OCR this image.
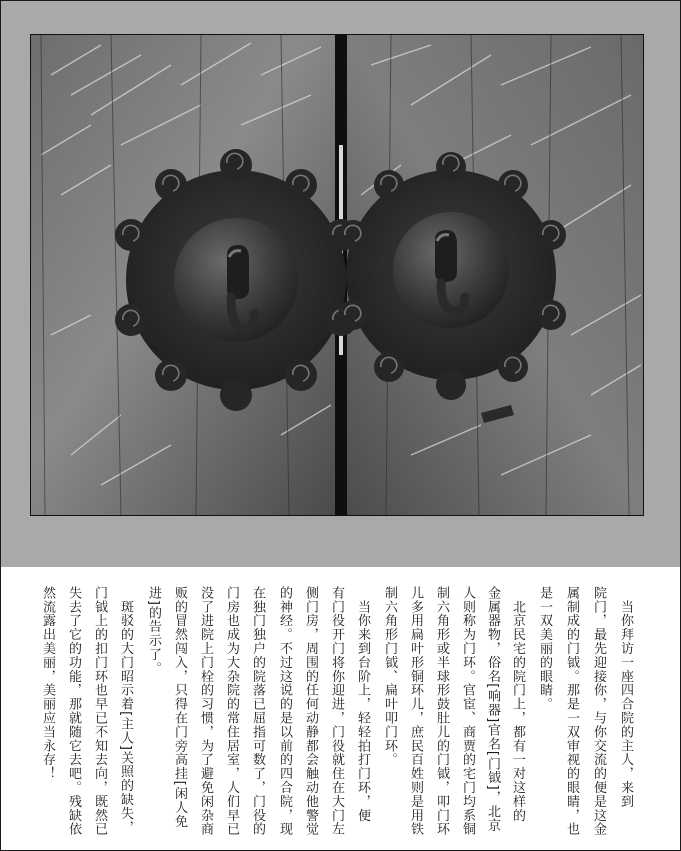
　当你拜访一座四合院的主人，来到
院门，最先迎接你，与你交流的便是这金
属制成的门钺。那是一双审视的眼睛，也
是一双美丽的眼睛。
　北京民宅的院门上，都有一对这样的
金属器物，俗名[响器]官名[门钺]，北京
人则称为门环。官宦、商贾的宅门均系铜
制六角形或半球形鼓肚儿的门钺，叩门环
儿多用扁叶形铜环儿，庶民百姓则是用铁
制六角形门钺、扁叶叩门环。
　当你来到台阶上，轻轻拍打门环，便
有门役开门将你迎进，门役就住在大门左
侧门房，周围的任何动静都会触动他警觉
的神经。不过这说的是以前的四合院，现
在独门独户的院落已屈指可数了，门役的
门房也成为大杂院的常住居室，人们早已
没了进院上门栓的习惯，为了避免闲杂商
贩的冒然闯入，只得在门旁高挂[闲人免
进]的告示了。
　斑驳的大门昭示着[主人]关照的缺失，
门钺上的扣门环也早已不知去向，既然已
失去了它的功能，那就随它去吧。残缺依
然流露出美丽，美丽应当永存！
